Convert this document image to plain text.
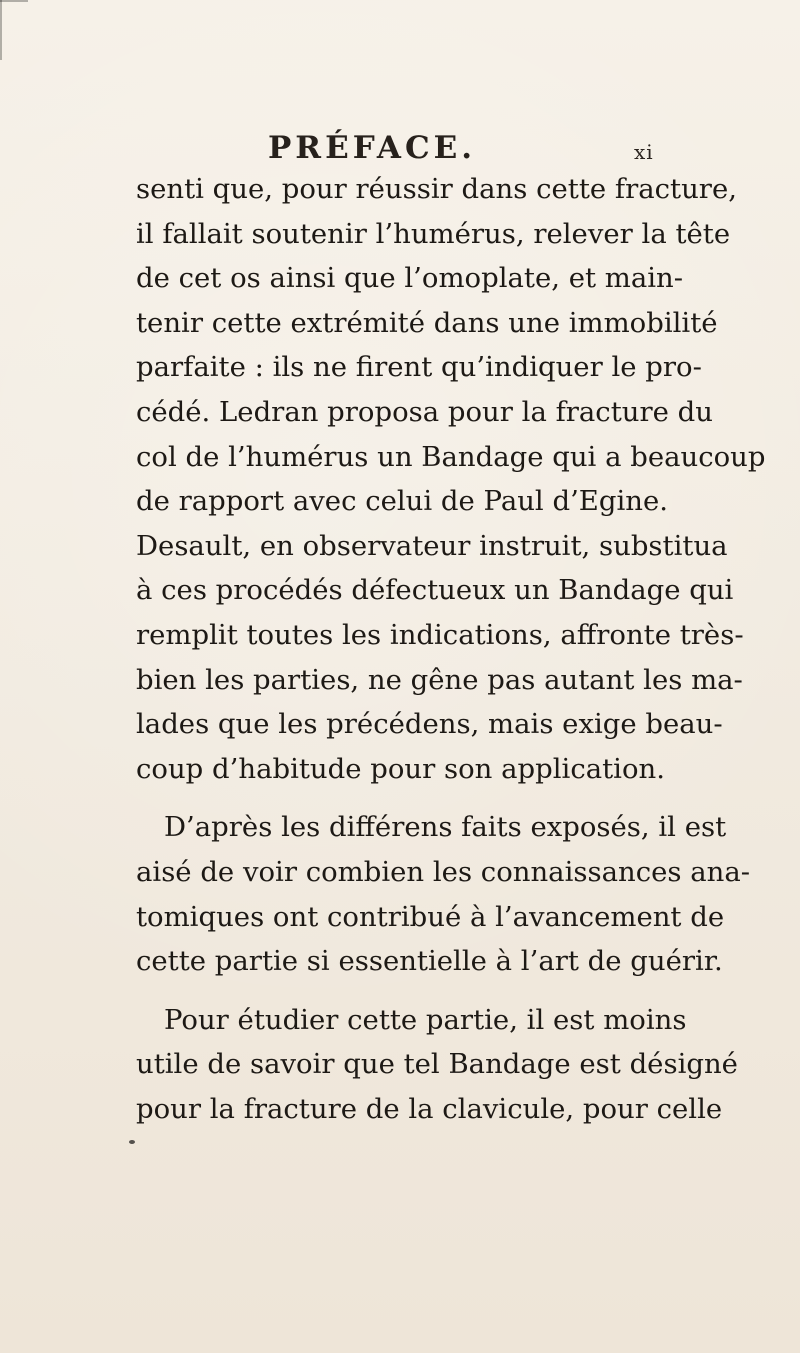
PRÉFACE.	xi
senti que, pour réussir dans cette fracture,
il fallait soutenir l’humérus, relever la tête
de cet os ainsi que l’omoplate, et main-
tenir cette extrémité dans une immobilité
parfaite : ils ne firent qu’indiquer le pro-
cédé. Ledran proposa pour la fracture du
col de l’humérus un Bandage qui a beaucoup
de rapport avec celui de Paul d’Egine.
Desault, en observateur instruit, substitua
à ces procédés défectueux un Bandage qui
remplit toutes les indications, affronte très-
bien les parties, ne gêne pas autant les ma-
lades que les précédens, mais exige beau-
coup d’habitude pour son application.
D’après les différens faits exposés, il est
aisé de voir combien les connaissances ana-
tomiques ont contribué à l’avancement de
cette partie si essentielle à l’art de guérir.
Pour étudier cette partie, il est moins
utile de savoir que tel Bandage est désigné
pour la fracture de la clavicule, pour celle
